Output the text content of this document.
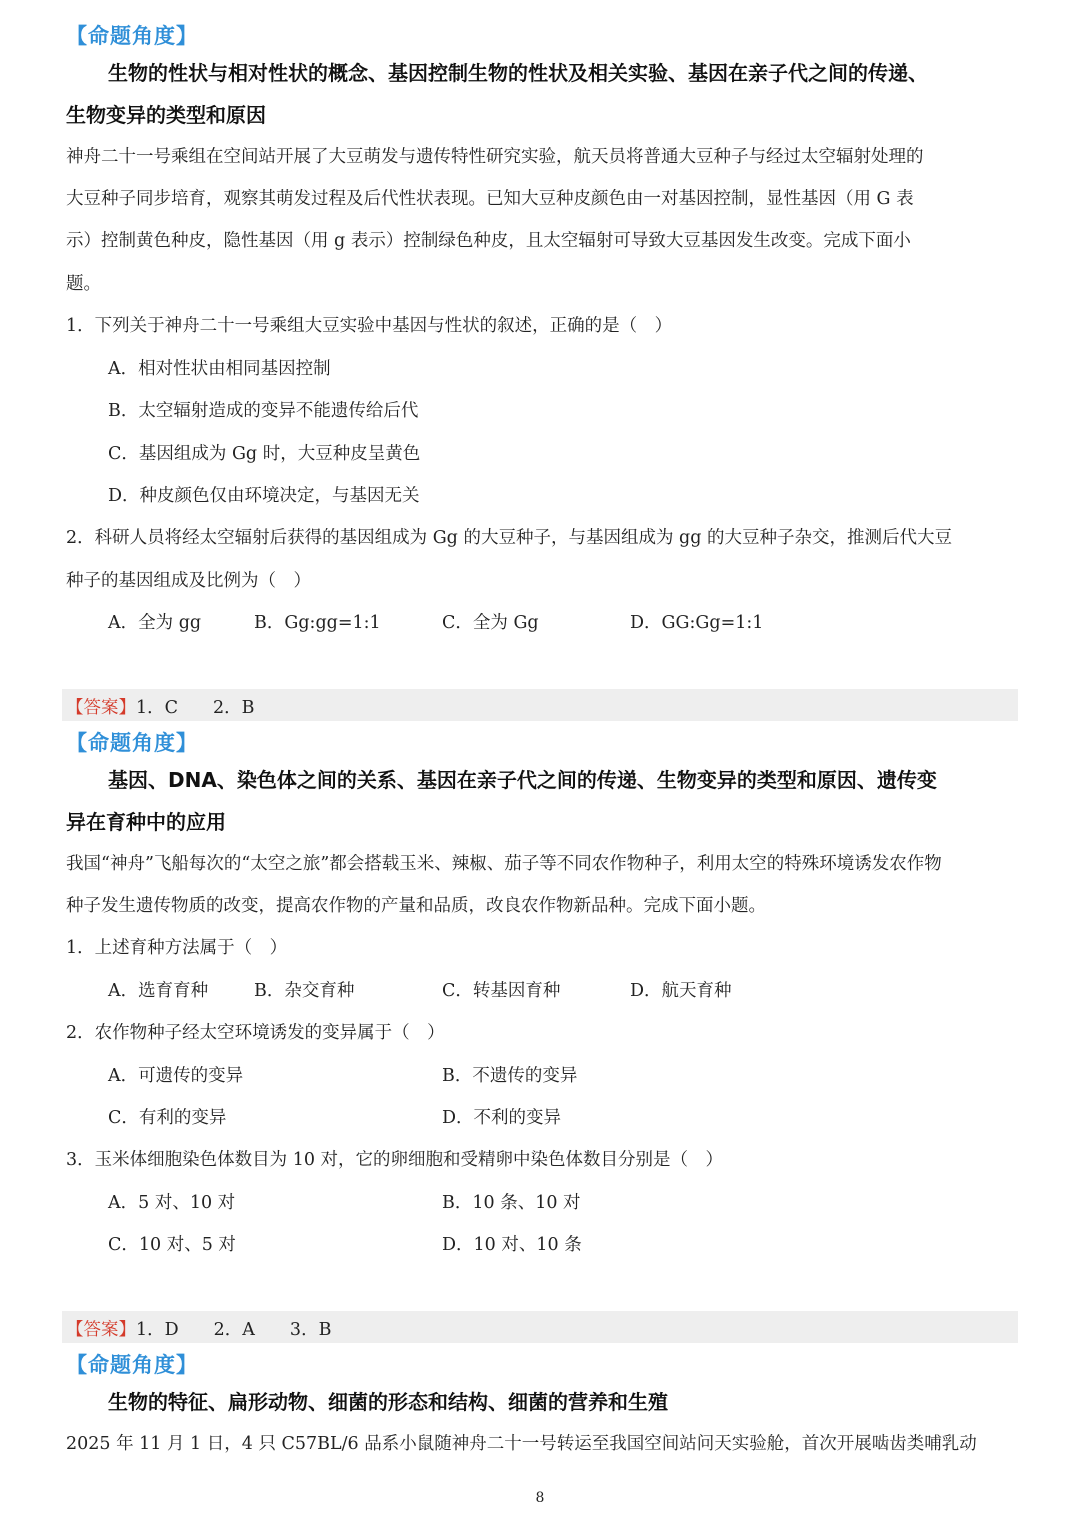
【命题角度】
生物的性状与相对性状的概念、基因控制生物的性状及相关实验、基因在亲子代之间的传递、
生物变异的类型和原因
神舟二十一号乘组在空间站开展了大豆萌发与遗传特性研究实验，航天员将普通大豆种子与经过太空辐射处理的
大豆种子同步培育，观察其萌发过程及后代性状表现。已知大豆种皮颜色由一对基因控制，显性基因（用 G 表
示）控制黄色种皮，隐性基因（用 g 表示）控制绿色种皮，且太空辐射可导致大豆基因发生改变。完成下面小
题。
1．下列关于神舟二十一号乘组大豆实验中基因与性状的叙述，正确的是（　）
A．相对性状由相同基因控制
B．太空辐射造成的变异不能遗传给后代
C．基因组成为 Gg 时，大豆种皮呈黄色
D．种皮颜色仅由环境决定，与基因无关
2．科研人员将经太空辐射后获得的基因组成为 Gg 的大豆种子，与基因组成为 gg 的大豆种子杂交，推测后代大豆
种子的基因组成及比例为（　）
A．全为 gg	B．Gg:gg=1:1	C．全为 Gg	D．GG:Gg=1:1
【答案】1．C　　2．B
【命题角度】
基因、DNA、染色体之间的关系、基因在亲子代之间的传递、生物变异的类型和原因、遗传变
异在育种中的应用
我国“神舟”飞船每次的“太空之旅”都会搭载玉米、辣椒、茄子等不同农作物种子，利用太空的特殊环境诱发农作物
种子发生遗传物质的改变，提高农作物的产量和品质，改良农作物新品种。完成下面小题。
1．上述育种方法属于（　）
A．选育育种	B．杂交育种	C．转基因育种	D．航天育种
2．农作物种子经太空环境诱发的变异属于（　）
A．可遗传的变异	B．不遗传的变异
C．有利的变异	D．不利的变异
3．玉米体细胞染色体数目为 10 对，它的卵细胞和受精卵中染色体数目分别是（　）
A．5 对、10 对	B．10 条、10 对
C．10 对、5 对	D．10 对、10 条
【答案】1．D　　2．A　　3．B
【命题角度】
生物的特征、扁形动物、细菌的形态和结构、细菌的营养和生殖
2025 年 11 月 1 日，4 只 C57BL/6 品系小鼠随神舟二十一号转运至我国空间站问天实验舱，首次开展啮齿类哺乳动
8
